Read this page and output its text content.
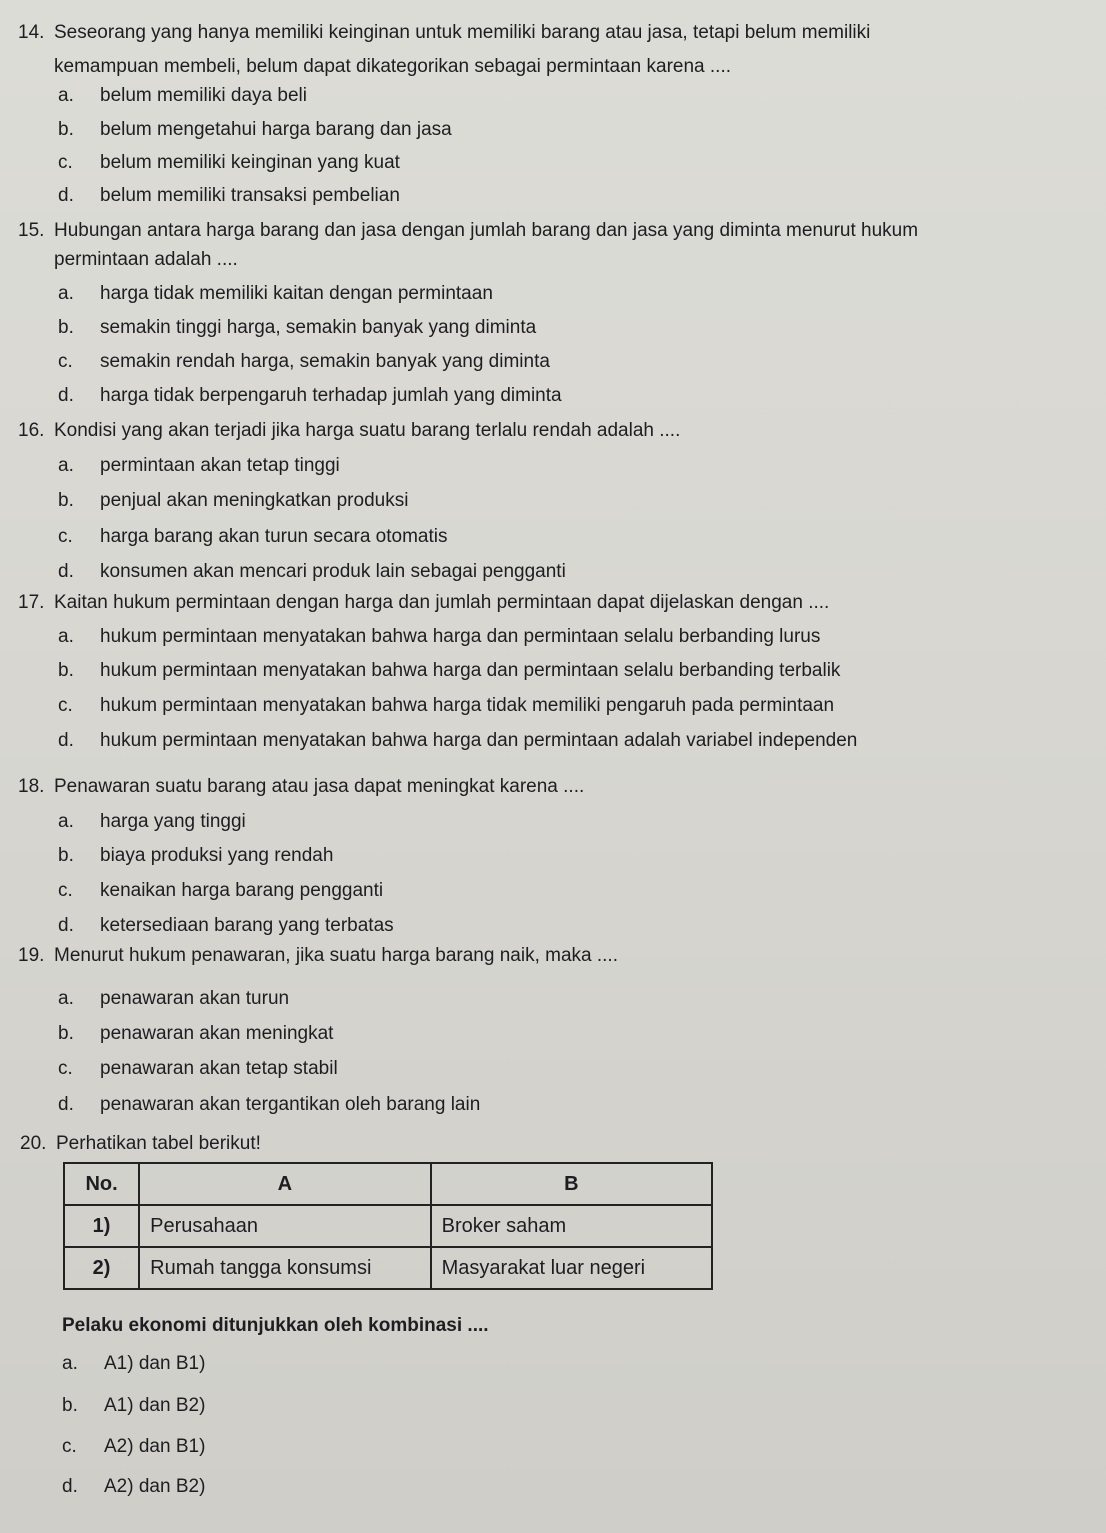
14. Seseorang yang hanya memiliki keinginan untuk memiliki barang atau jasa, tetapi belum memiliki
kemampuan membeli, belum dapat dikategorikan sebagai permintaan karena ....
a. belum memiliki daya beli
b. belum mengetahui harga barang dan jasa
c. belum memiliki keinginan yang kuat
d. belum memiliki transaksi pembelian
15. Hubungan antara harga barang dan jasa dengan jumlah barang dan jasa yang diminta menurut hukum
permintaan adalah ....
a. harga tidak memiliki kaitan dengan permintaan
b. semakin tinggi harga, semakin banyak yang diminta
c. semakin rendah harga, semakin banyak yang diminta
d. harga tidak berpengaruh terhadap jumlah yang diminta
16. Kondisi yang akan terjadi jika harga suatu barang terlalu rendah adalah ....
a. permintaan akan tetap tinggi
b. penjual akan meningkatkan produksi
c. harga barang akan turun secara otomatis
d. konsumen akan mencari produk lain sebagai pengganti
17. Kaitan hukum permintaan dengan harga dan jumlah permintaan dapat dijelaskan dengan ....
a. hukum permintaan menyatakan bahwa harga dan permintaan selalu berbanding lurus
b. hukum permintaan menyatakan bahwa harga dan permintaan selalu berbanding terbalik
c. hukum permintaan menyatakan bahwa harga tidak memiliki pengaruh pada permintaan
d. hukum permintaan menyatakan bahwa harga dan permintaan adalah variabel independen
18. Penawaran suatu barang atau jasa dapat meningkat karena ....
a. harga yang tinggi
b. biaya produksi yang rendah
c. kenaikan harga barang pengganti
d. ketersediaan barang yang terbatas
19. Menurut hukum penawaran, jika suatu harga barang naik, maka ....
a. penawaran akan turun
b. penawaran akan meningkat
c. penawaran akan tetap stabil
d. penawaran akan tergantikan oleh barang lain
20. Perhatikan tabel berikut!
No.	A	B
1)	Perusahaan	Broker saham
2)	Rumah tangga konsumsi	Masyarakat luar negeri
Pelaku ekonomi ditunjukkan oleh kombinasi ....
a. A1) dan B1)
b. A1) dan B2)
c. A2) dan B1)
d. A2) dan B2)
